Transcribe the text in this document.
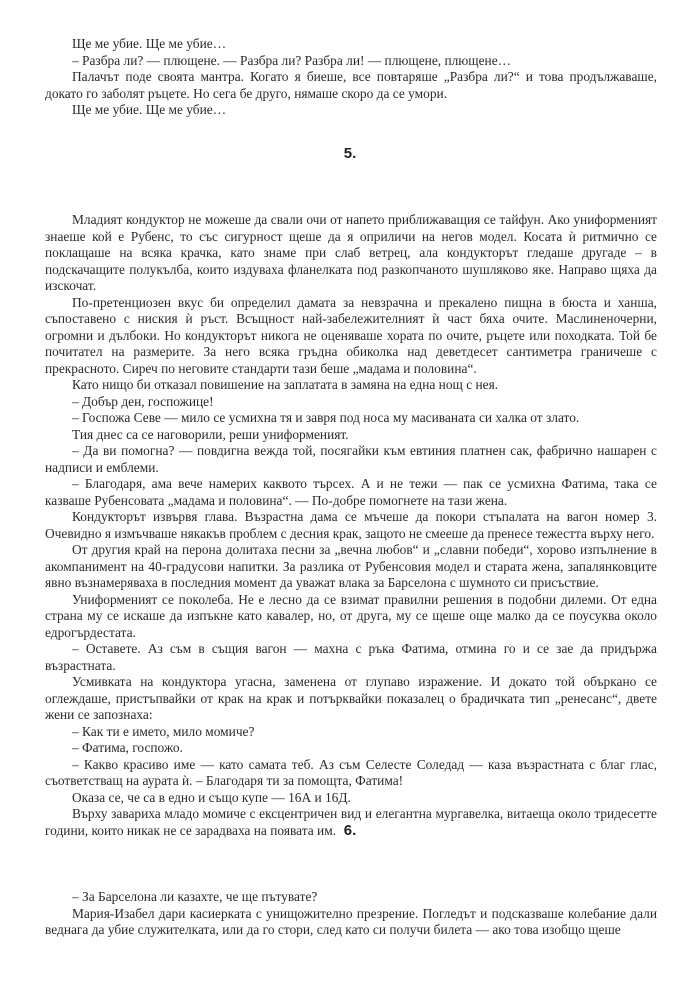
Ще ме убие. Ще ме убие…

– Разбра ли? — плющене. — Разбра ли? Разбра ли! — плющене, плющене…

Палачът поде своята мантра. Когато я биеше, все повтаряше „Разбра ли?“ и това продължаваше, докато го заболят ръцете. Но сега бе друго, нямаше скоро да се умори.

Ще ме убие. Ще ме убие…

5.

Младият кондуктор не можеше да свали очи от напето приближаващия се тайфун. Ако униформеният знаеше кой е Рубенс, то със сигурност щеше да я оприличи на негов модел. Косата ѝ ритмично се поклащаше на всяка крачка, като знаме при слаб ветрец, ала кондукторът гледаше другаде – в подскачащите полукълба, които издуваха фланелката под разкопчаното шушляково яке. Направо щяха да изскочат.

По-претенциозен вкус би определил дамата за невзрачна и прекалено пищна в бюста и ханша, съпоставено с ниския ѝ ръст. Всъщност най-забележителният ѝ част бяха очите. Маслиненочерни, огромни и дълбоки. Но кондукторът никога не оценяваше хората по очите, ръцете или походката. Той бе почитател на размерите. За него всяка гръдна обиколка над деветдесет сантиметра граничеше с прекрасното. Сиреч по неговите стандарти тази беше „мадама и половина“.

Като нищо би отказал повишение на заплатата в замяна на една нощ с нея.

– Добър ден, госпожице!

– Госпожа Севе — мило се усмихна тя и завря под носа му масиваната си халка от злато.

Тия днес са се наговорили, реши униформеният.

– Да ви помогна? — повдигна вежда той, посягайки към евтиния платнен сак, фабрично нашарен с надписи и емблеми.

– Благодаря, ама вече намерих каквото търсех. А и не тежи — пак се усмихна Фатима, така се казваше Рубенсовата „мадама и половина“. — По-добре помогнете на тази жена.

Кондукторът извървя глава. Възрастна дама се мъчеше да покори стъпалата на вагон номер 3. Очевидно я измъчваше някакъв проблем с десния крак, защото не смееше да пренесе тежестта върху него.

От другия край на перона долитаха песни за „вечна любов“ и „славни победи“, хорово изпълнение в акомпанимент на 40-градусови напитки. За разлика от Рубенсовия модел и старата жена, запалянковците явно възнамеряваха в последния момент да уважат влака за Барселона с шумното си присъствие.

Униформеният се поколеба. Не е лесно да се взимат правилни решения в подобни дилеми. От една страна му се искаше да изпъкне като кавалер, но, от друга, му се щеше още малко да се поусуква около едрогърдестата.

– Оставете. Аз съм в същия вагон — махна с ръка Фатима, отмина го и се зае да придържа възрастната.

Усмивката на кондуктора угасна, заменена от глупаво изражение. И докато той объркано се оглеждаше, пристъпвайки от крак на крак и потърквайки показалец о брадичката тип „ренесанс“, двете жени се запознаха:

– Как ти е името, мило момиче?

– Фатима, госпожо.

– Какво красиво име — като самата теб. Аз съм Селесте Соледад — каза възрастната с благ глас, съответстващ на аурата ѝ. – Благодаря ти за помощта, Фатима!

Оказа се, че са в едно и също купе — 16А и 16Д.

Върху завариха младо момиче с ексцентричен вид и елегантна мургавелка, витаеща около тридесетте години, които никак не се зарадваха на появата им. 6.

– За Барселона ли казахте, че ще пътувате?

Мария-Изабел дари касиерката с унищожително презрение. Погледът и подсказваше колебание дали веднага да убие служителката, или да го стори, след като си получи билета — ако това изобщо щеше
